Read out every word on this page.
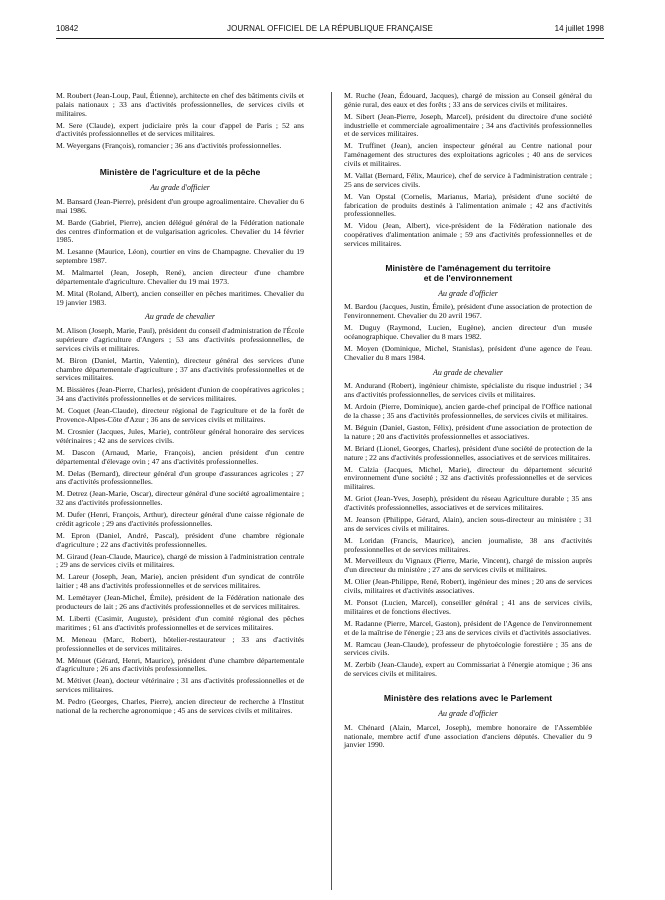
10842	JOURNAL OFFICIEL DE LA RÉPUBLIQUE FRANÇAISE	14 juillet 1998

M. Roubert (Jean-Loup, Paul, Étienne), architecte en chef des bâtiments civils et palais nationaux ; 33 ans d'activités professionnelles, de services civils et militaires.

M. Sere (Claude), expert judiciaire près la cour d'appel de Paris ; 52 ans d'activités professionnelles et de services militaires.

M. Weyergans (François), romancier ; 36 ans d'activités professionnelles.

Ministère de l'agriculture et de la pêche
Au grade d'officier

M. Bansard (Jean-Pierre), président d'un groupe agroalimentaire. Chevalier du 6 mai 1986.

M. Barde (Gabriel, Pierre), ancien délégué général de la Fédération nationale des centres d'information et de vulgarisation agricoles. Chevalier du 14 février 1985.

M. Lesanne (Maurice, Léon), courtier en vins de Champagne. Chevalier du 19 septembre 1987.

M. Malmartel (Jean, Joseph, René), ancien directeur d'une chambre départementale d'agriculture. Chevalier du 19 mai 1973.

M. Mital (Roland, Albert), ancien conseiller en pêches maritimes. Chevalier du 19 janvier 1983.

Au grade de chevalier

M. Alison (Joseph, Marie, Paul), président du conseil d'administration de l'École supérieure d'agriculture d'Angers ; 53 ans d'activités professionnelles, de services civils et militaires.

M. Biron (Daniel, Martin, Valentin), directeur général des services d'une chambre départementale d'agriculture ; 37 ans d'activités professionnelles et de services militaires.

M. Bissières (Jean-Pierre, Charles), président d'union de coopératives agricoles ; 34 ans d'activités professionnelles et de services militaires.

M. Coquet (Jean-Claude), directeur régional de l'agriculture et de la forêt de Provence-Alpes-Côte d'Azur ; 36 ans de services civils et militaires.

M. Crosnier (Jacques, Jules, Marie), contrôleur général honoraire des services vétérinaires ; 42 ans de services civils.

M. Dascon (Arnaud, Marie, François), ancien président d'un centre départemental d'élevage ovin ; 47 ans d'activités professionnelles.

M. Delas (Bernard), directeur général d'un groupe d'assurances agricoles ; 27 ans d'activités professionnelles.

M. Detrez (Jean-Marie, Oscar), directeur général d'une société agroalimentaire ; 32 ans d'activités professionnelles.

M. Dufer (Henri, François, Arthur), directeur général d'une caisse régionale de crédit agricole ; 29 ans d'activités professionnelles.

M. Epron (Daniel, André, Pascal), président d'une chambre régionale d'agriculture ; 22 ans d'activités professionnelles.

M. Giraud (Jean-Claude, Maurice), chargé de mission à l'administration centrale ; 29 ans de services civils et militaires.

M. Lareur (Joseph, Jean, Marie), ancien président d'un syndicat de contrôle laitier ; 48 ans d'activités professionnelles et de services militaires.

M. Lemétayer (Jean-Michel, Émile), président de la Fédération nationale des producteurs de lait ; 26 ans d'activités professionnelles et de services militaires.

M. Liberti (Casimir, Auguste), président d'un comité régional des pêches maritimes ; 61 ans d'activités professionnelles et de services militaires.

M. Meneau (Marc, Robert), hôtelier-restaurateur ; 33 ans d'activités professionnelles et de services militaires.

M. Ménuet (Gérard, Henri, Maurice), président d'une chambre départementale d'agriculture ; 26 ans d'activités professionnelles.

M. Métivet (Jean), docteur vétérinaire ; 31 ans d'activités professionnelles et de services militaires.

M. Pedro (Georges, Charles, Pierre), ancien directeur de recherche à l'Institut national de la recherche agronomique ; 45 ans de services civils et militaires.

M. Ruche (Jean, Édouard, Jacques), chargé de mission au Conseil général du génie rural, des eaux et des forêts ; 33 ans de services civils et militaires.

M. Sibert (Jean-Pierre, Joseph, Marcel), président du directoire d'une société industrielle et commerciale agroalimentaire ; 34 ans d'activités professionnelles et de services militaires.

M. Truffinet (Jean), ancien inspecteur général au Centre national pour l'aménagement des structures des exploitations agricoles ; 40 ans de services civils et militaires.

M. Vallat (Bernard, Félix, Maurice), chef de service à l'administration centrale ; 25 ans de services civils.

M. Van Opstal (Cornelis, Marianus, Maria), président d'une société de fabrication de produits destinés à l'alimentation animale ; 42 ans d'activités professionnelles.

M. Vidou (Jean, Albert), vice-président de la Fédération nationale des coopératives d'alimentation animale ; 59 ans d'activités professionnelles et de services militaires.

Ministère de l'aménagement du territoire
et de l'environnement
Au grade d'officier

M. Bardou (Jacques, Justin, Émile), président d'une association de protection de l'environnement. Chevalier du 20 avril 1967.

M. Duguy (Raymond, Lucien, Eugène), ancien directeur d'un musée océanographique. Chevalier du 8 mars 1982.

M. Moyen (Dominique, Michel, Stanislas), président d'une agence de l'eau. Chevalier du 8 mars 1984.

Au grade de chevalier

M. Andurand (Robert), ingénieur chimiste, spécialiste du risque industriel ; 34 ans d'activités professionnelles, de services civils et militaires.

M. Ardoin (Pierre, Dominique), ancien garde-chef principal de l'Office national de la chasse ; 35 ans d'activités professionnelles, de services civils et militaires.

M. Béguin (Daniel, Gaston, Félix), président d'une association de protection de la nature ; 20 ans d'activités professionnelles et associatives.

M. Briard (Lionel, Georges, Charles), président d'une société de protection de la nature ; 22 ans d'activités professionnelles, associatives et de services militaires.

M. Calzia (Jacques, Michel, Marie), directeur du département sécurité environnement d'une société ; 32 ans d'activités professionnelles et de services militaires.

M. Griot (Jean-Yves, Joseph), président du réseau Agriculture durable ; 35 ans d'activités professionnelles, associatives et de services militaires.

M. Jeanson (Philippe, Gérard, Alain), ancien sous-directeur au ministère ; 31 ans de services civils et militaires.

M. Loridan (Francis, Maurice), ancien journaliste, 38 ans d'activités professionnelles et de services militaires.

M. Merveilleux du Vignaux (Pierre, Marie, Vincent), chargé de mission auprès d'un directeur du ministère ; 27 ans de services civils et militaires.

M. Olier (Jean-Philippe, René, Robert), ingénieur des mines ; 20 ans de services civils, militaires et d'activités associatives.

M. Ponsot (Lucien, Marcel), conseiller général ; 41 ans de services civils, militaires et de fonctions électives.

M. Radanne (Pierre, Marcel, Gaston), président de l'Agence de l'environnement et de la maîtrise de l'énergie ; 23 ans de services civils et d'activités associatives.

M. Ramcau (Jean-Claude), professeur de phytoécologie forestière ; 35 ans de services civils.

M. Zerbib (Jean-Claude), expert au Commissariat à l'énergie atomique ; 36 ans de services civils et militaires.

Ministère des relations avec le Parlement
Au grade d'officier

M. Chénard (Alain, Marcel, Joseph), membre honoraire de l'Assemblée nationale, membre actif d'une association d'anciens députés. Chevalier du 9 janvier 1990.
